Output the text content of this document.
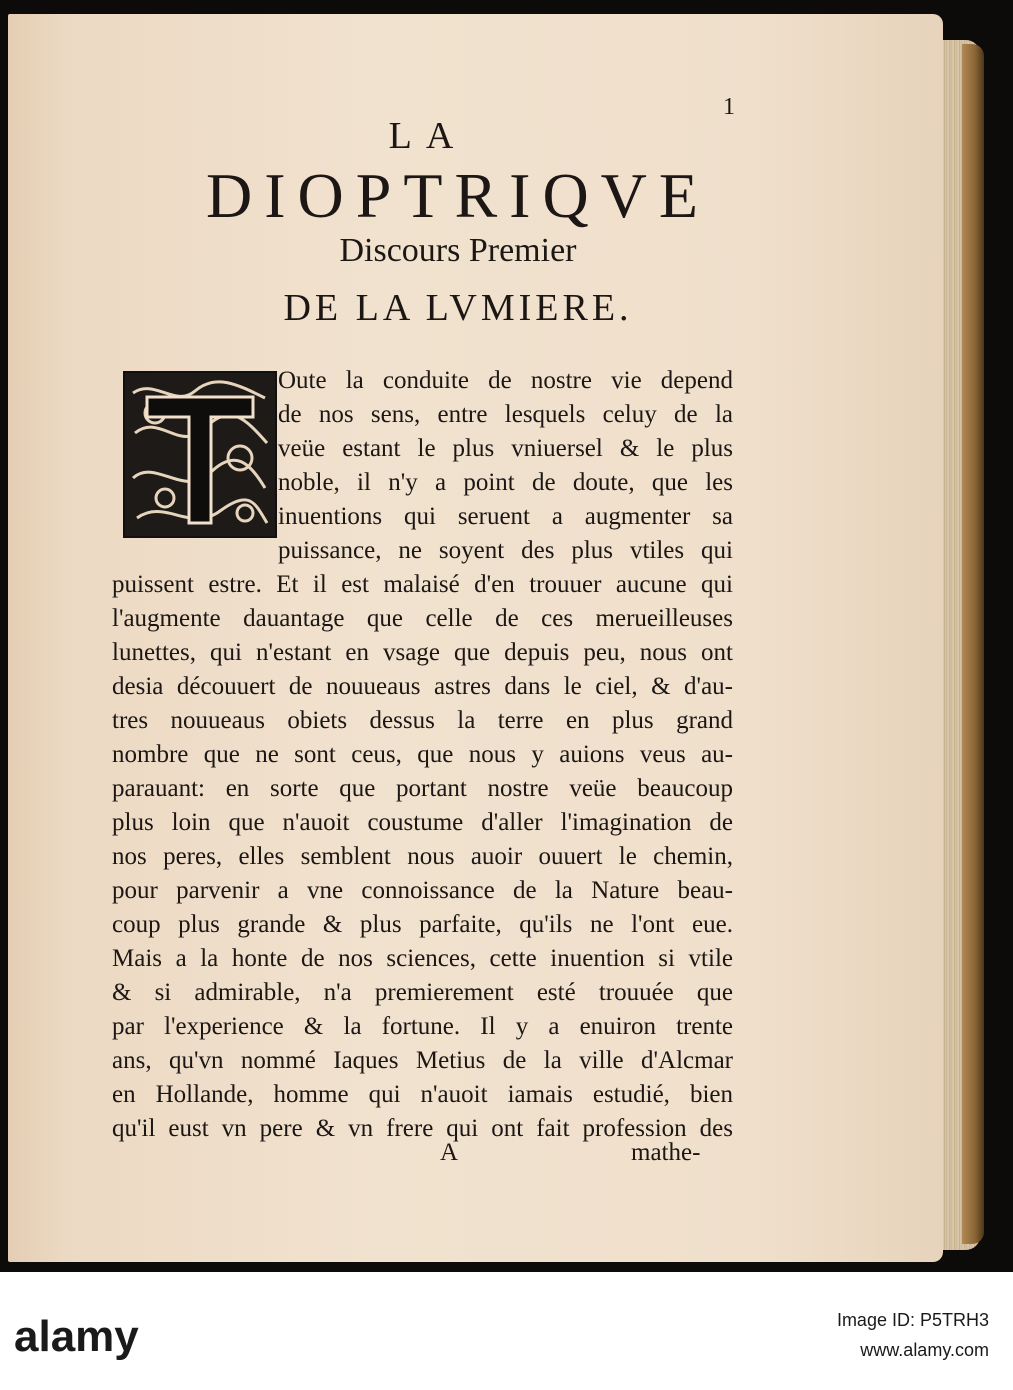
1
LA
DIOPTRIQVE
Discours Premier
DE LA LVMIERE.
Oute la conduite de nostre vie depend
de nos sens, entre lesquels celuy de la
veüe estant le plus vniuersel & le plus
noble, il n'y a point de doute, que les
inuentions qui seruent a augmenter sa
puissance, ne soyent des plus vtiles qui
puissent estre. Et il est malaisé d'en trouuer aucune qui
l'augmente dauantage que celle de ces merueilleuses
lunettes, qui n'estant en vsage que depuis peu, nous ont
desia découuert de nouueaus astres dans le ciel, & d'au-
tres nouueaus obiets dessus la terre en plus grand
nombre que ne sont ceus, que nous y auions veus au-
parauant: en sorte que portant nostre veüe beaucoup
plus loin que n'auoit coustume d'aller l'imagination de
nos peres, elles semblent nous auoir ouuert le chemin,
pour parvenir a vne connoissance de la Nature beau-
coup plus grande & plus parfaite, qu'ils ne l'ont eue.
Mais a la honte de nos sciences, cette inuention si vtile
& si admirable, n'a premierement esté trouuée que
par l'experience & la fortune. Il y a enuiron trente
ans, qu'vn nommé Iaques Metius de la ville d'Alcmar
en Hollande, homme qui n'auoit iamais estudié, bien
qu'il eust vn pere & vn frere qui ont fait profession des
A	mathe-
alamy	Image ID: P5TRH3
www.alamy.com
